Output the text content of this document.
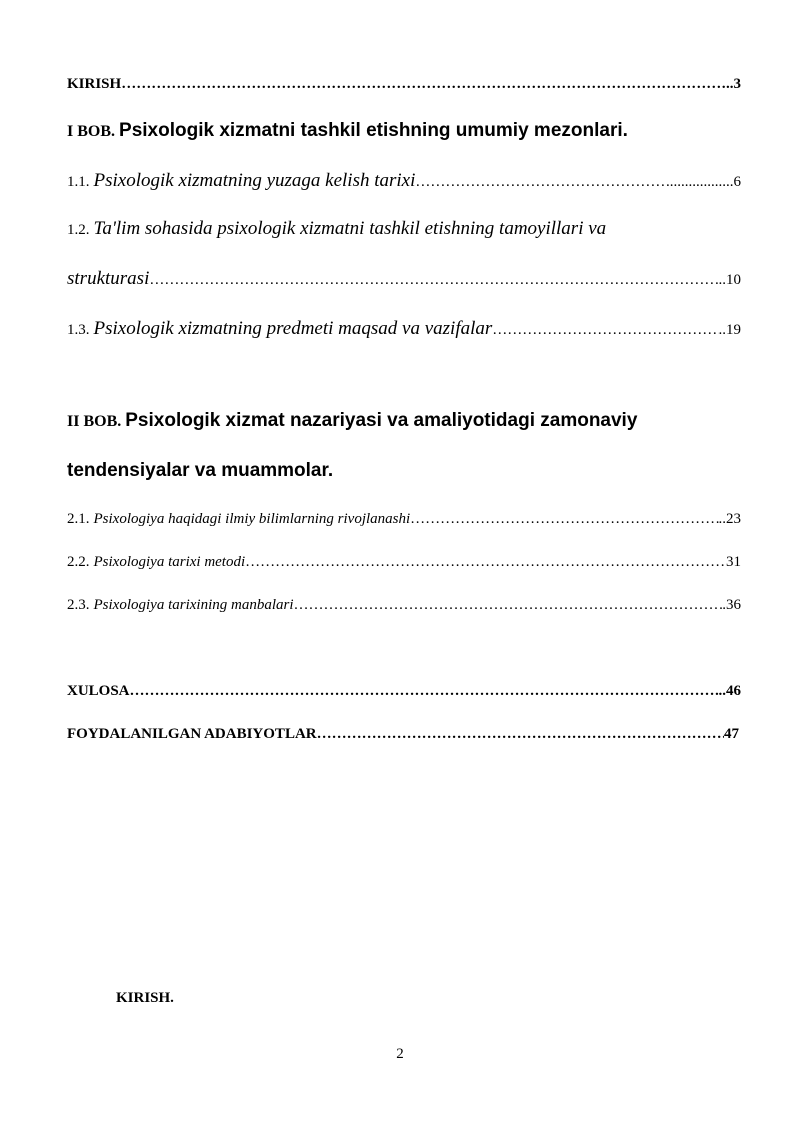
KIRISH ……………………………………………………………………………………………………………………………………………………………………………	..3
I BOB. Psixologik xizmatni tashkil etishning umumiy mezonlari.
1.1. Psixologik xizmatning yuzaga kelish tarixi ……………………………………………………………………………………………………………………………………………………………………………	..................6
1.2. Ta'lim sohasida psixologik xizmatni tashkil etishning tamoyillari va
strukturasi ……………………………………………………………………………………………………………………………………………………………………………	..10
1.3. Psixologik xizmatning predmeti maqsad va vazifalar ……………………………………………………………………………………………………………………………………………………………………………	..19
II BOB. Psixologik xizmat nazariyasi va amaliyotidagi zamonaviy
tendensiyalar va muammolar.
2.1. Psixologiya haqidagi ilmiy bilimlarning rivojlanashi ……………………………………………………………………………………………………………………………………………………………………………	..23
2.2. Psixologiya tarixi metodi ……………………………………………………………………………………………………………………………………………………………………………	31
2.3. Psixologiya tarixining manbalari ……………………………………………………………………………………………………………………………………………………………………………	.36
XULOSA ……………………………………………………………………………………………………………………………………………………………………………	..46
FOYDALANILGAN ADABIYOTLAR ……………………………………………………………………………………………………………………………………………………………………………	47
KIRISH.
2
